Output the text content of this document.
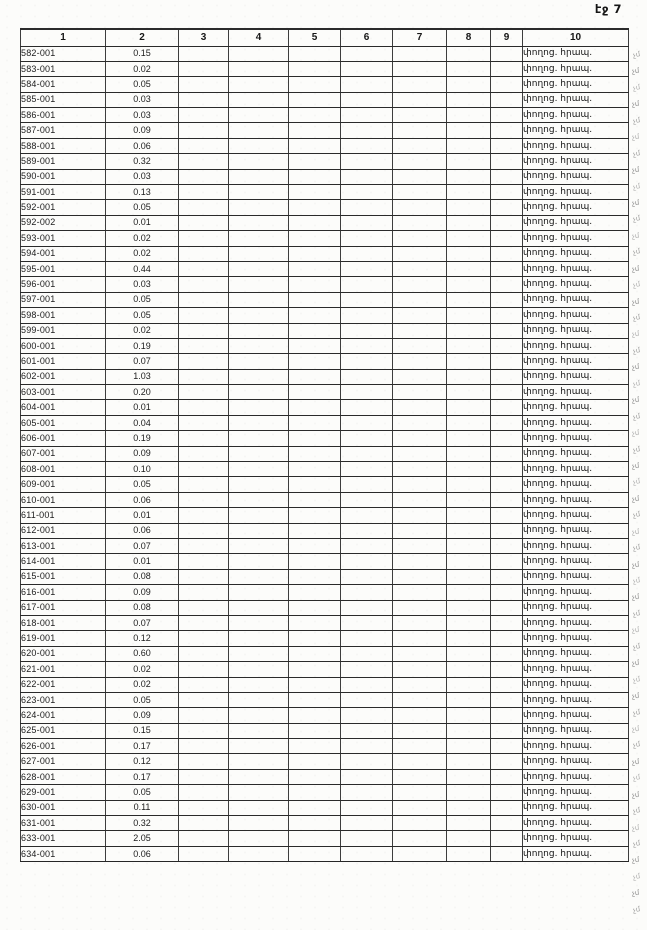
էջ 7
1	2	3	4	5	6	7	8	9	10
582-001	0.15								փողոց. հրապ.
583-001	0.02								փողոց. հրապ.
584-001	0.05								փողոց. հրապ.
585-001	0.03								փողոց. հրապ.
586-001	0.03								փողոց. հրապ.
587-001	0.09								փողոց. հրապ.
588-001	0.06								փողոց. հրապ.
589-001	0.32								փողոց. հրապ.
590-001	0.03								փողոց. հրապ.
591-001	0.13								փողոց. հրապ.
592-001	0.05								փողոց. հրապ.
592-002	0.01								փողոց. հրապ.
593-001	0.02								փողոց. հրապ.
594-001	0.02								փողոց. հրապ.
595-001	0.44								փողոց. հրապ.
596-001	0.03								փողոց. հրապ.
597-001	0.05								փողոց. հրապ.
598-001	0.05								փողոց. հրապ.
599-001	0.02								փողոց. հրապ.
600-001	0.19								փողոց. հրապ.
601-001	0.07								փողոց. հրապ.
602-001	1.03								փողոց. հրապ.
603-001	0.20								փողոց. հրապ.
604-001	0.01								փողոց. հրապ.
605-001	0.04								փողոց. հրապ.
606-001	0.19								փողոց. հրապ.
607-001	0.09								փողոց. հրապ.
608-001	0.10								փողոց. հրապ.
609-001	0.05								փողոց. հրապ.
610-001	0.06								փողոց. հրապ.
611-001	0.01								փողոց. հրապ.
612-001	0.06								փողոց. հրապ.
613-001	0.07								փողոց. հրապ.
614-001	0.01								փողոց. հրապ.
615-001	0.08								փողոց. հրապ.
616-001	0.09								փողոց. հրապ.
617-001	0.08								փողոց. հրապ.
618-001	0.07								փողոց. հրապ.
619-001	0.12								փողոց. հրապ.
620-001	0.60								փողոց. հրապ.
621-001	0.02								փողոց. հրապ.
622-001	0.02								փողոց. հրապ.
623-001	0.05								փողոց. հրապ.
624-001	0.09								փողոց. հրապ.
625-001	0.15								փողոց. հրապ.
626-001	0.17								փողոց. հրապ.
627-001	0.12								փողոց. հրապ.
628-001	0.17								փողոց. հրապ.
629-001	0.05								փողոց. հրապ.
630-001	0.11								փողոց. հրապ.
631-001	0.32								փողոց. հրապ.
633-001	2.05								փողոց. հրապ.
634-001	0.06								փողոց. հրապ.
չմ
չմ
չմ
չմ
չմ
չմ
չմ
չմ
չմ
չմ
չմ
չմ
չմ
չմ
չմ
չմ
չմ
չմ
չմ
չմ
չմ
չմ
չմ
չմ
չմ
չմ
չմ
չմ
չմ
չմ
չմ
չմ
չմ
չմ
չմ
չմ
չմ
չմ
չմ
չմ
չմ
չմ
չմ
չմ
չմ
չմ
չմ
չմ
չմ
չմ
չմ
չմ
չմ
